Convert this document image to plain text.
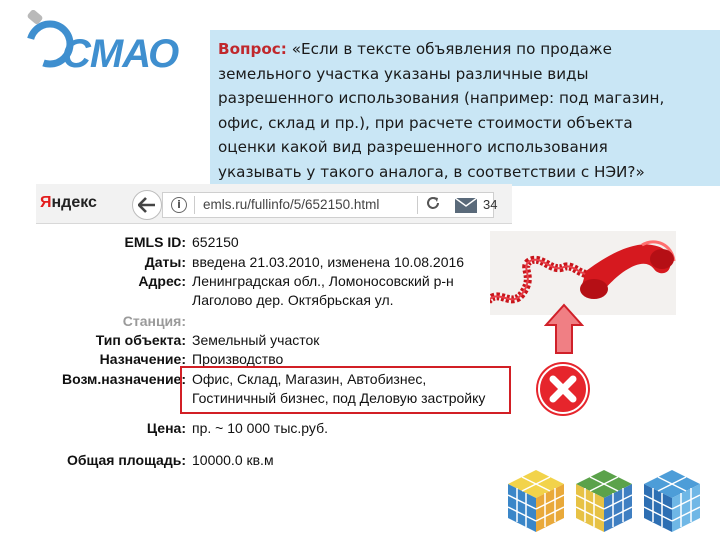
СМАО	Вопрос: «Если в тексте объявления по продаже
земельного участка указаны различные виды
разрешенного использования (например: под магазин,
офис, склад и пр.), при расчете стоимости объекта
оценки какой вид разрешенного использования
указывать у такого аналога, в соответствии с НЭИ?»
Яндекс	i	emls.ru/fullinfo/5/652150.html	34
EMLS ID: 652150
Даты: введена 21.03.2010, изменена 10.08.2016
Адрес: Ленинградская обл., Ломоносовский р-н
Лаголово дер. Октябрьская ул.
Станция:
Тип объекта: Земельный участок
Назначение: Производство
Возм.назначение: Офис, Склад, Магазин, Автобизнес,
Гостиничный бизнес, под Деловую застройку
Цена: пр. ~ 10 000 тыс.руб.
Общая площадь: 10000.0 кв.м
